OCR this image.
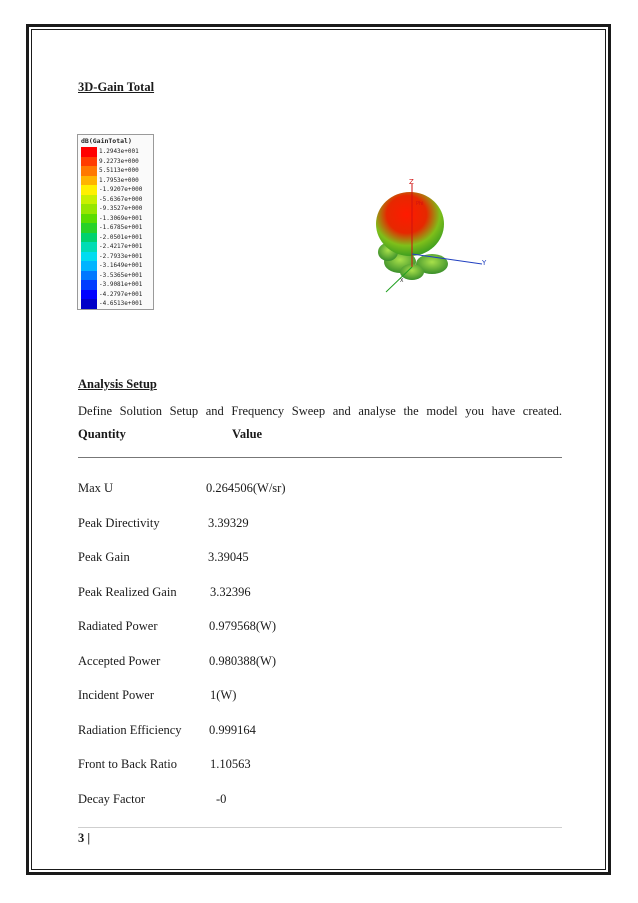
3D-Gain Total
dB(GainTotal)
1.2943e+001
9.2273e+000
5.5113e+000
1.7953e+000
-1.9207e+000
-5.6367e+000
-9.3527e+000
-1.3069e+001
-1.6785e+001
-2.0501e+001
-2.4217e+001
-2.7933e+001
-3.1649e+001
-3.5365e+001
-3.9081e+001
-4.2797e+001
-4.6513e+001
Z
Phi
Y
X
Analysis Setup
Define Solution Setup and Frequency Sweep and analyse the model you have created.
Quantity	Value
Max U	0.264506(W/sr)
Peak Directivity	3.39329
Peak Gain	3.39045
Peak Realized Gain	3.32396
Radiated Power	0.979568(W)
Accepted Power	0.980388(W)
Incident Power	1(W)
Radiation Efficiency 0.999164
Front to Back Ratio	1.10563
Decay Factor	-0
3 |
